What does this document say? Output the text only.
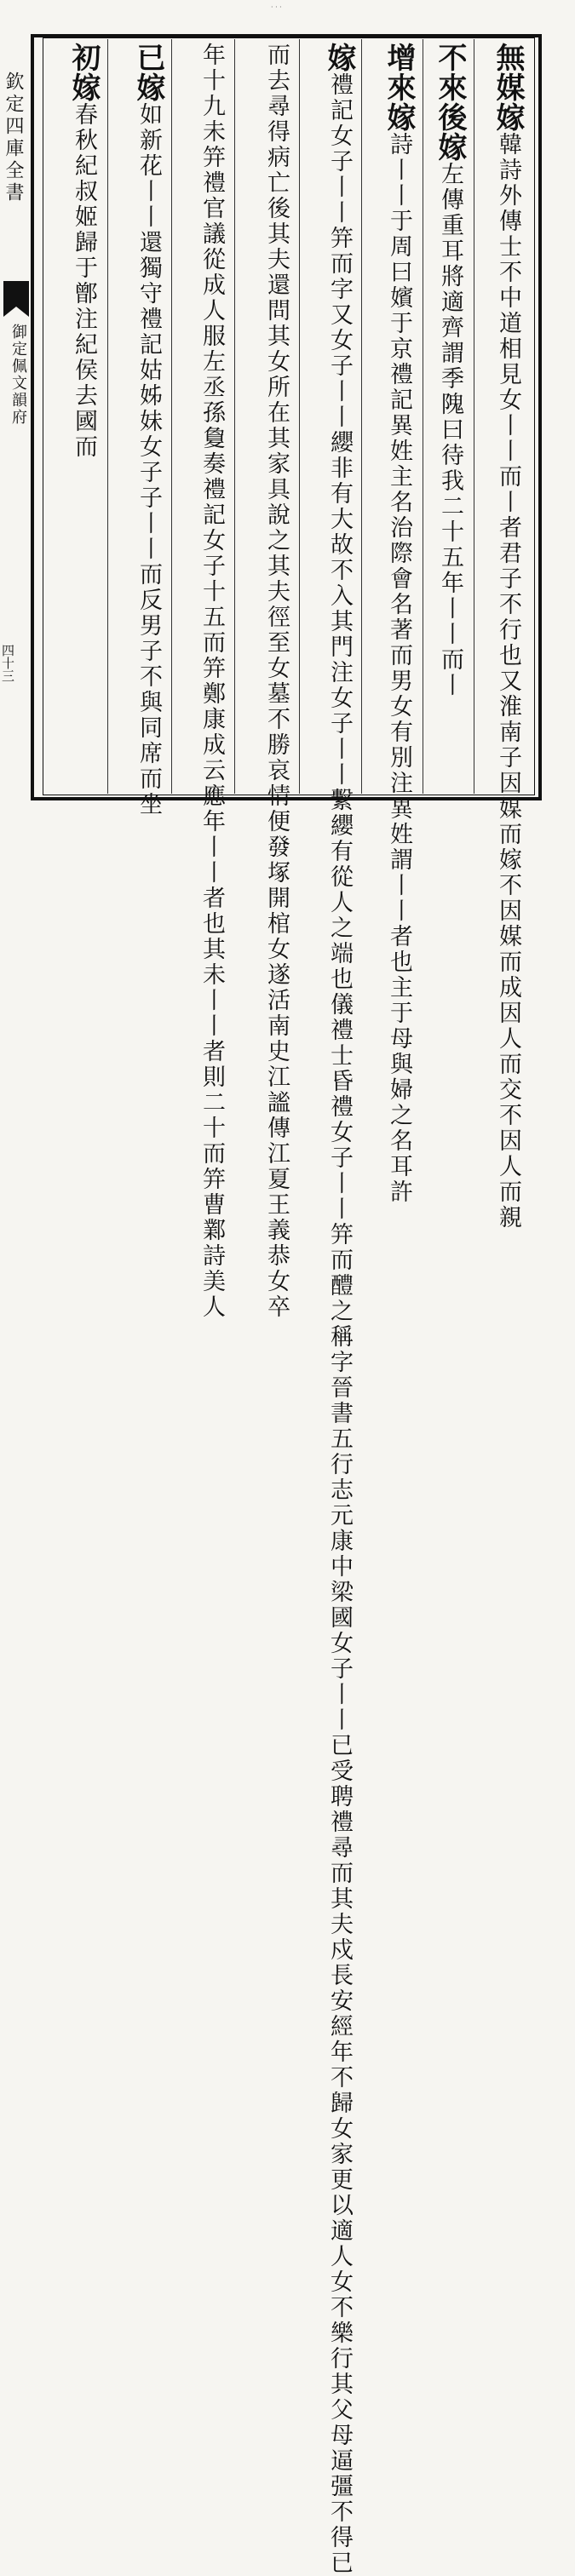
· · ·
欽定四庫全書
御定佩文韻府
四十三
無媒嫁韓詩外傳士不中道相見女丨丨而丨者君子不行也又淮南子因媒而嫁不因媒而成因人而交不因人而親
不來後嫁左傳重耳將適齊謂季隗曰待我二十五年丨丨而丨
增來嫁詩丨丨于周曰嬪于京禮記異姓主名治際會名著而男女有別注異姓謂丨丨者也主于母與婦之名耳許
嫁禮記女子丨丨笄而字又女子丨丨纓非有大故不入其門注女子丨丨繫纓有從人之端也儀禮士昏禮女子丨丨笄而醴之稱字晉書五行志元康中梁國女子丨丨已受聘禮尋而其夫戍長安經年不歸女家更以適人女不樂行其父母逼彊不得已
而去尋得病亡後其夫還問其女所在其家具說之其夫徑至女墓不勝哀情便發塚開棺女遂活南史江謐傳江夏王義恭女卒
年十九未笄禮官議從成人服左丞孫敻奏禮記女子十五而笄鄭康成云應年丨丨者也其未丨丨者則二十而笄曹鄴詩美人
已嫁如新花丨丨還獨守禮記姑姊妹女子子丨丨而反男子不與同席而坐
初嫁春秋紀叔姬歸于鄫注紀侯去國而
